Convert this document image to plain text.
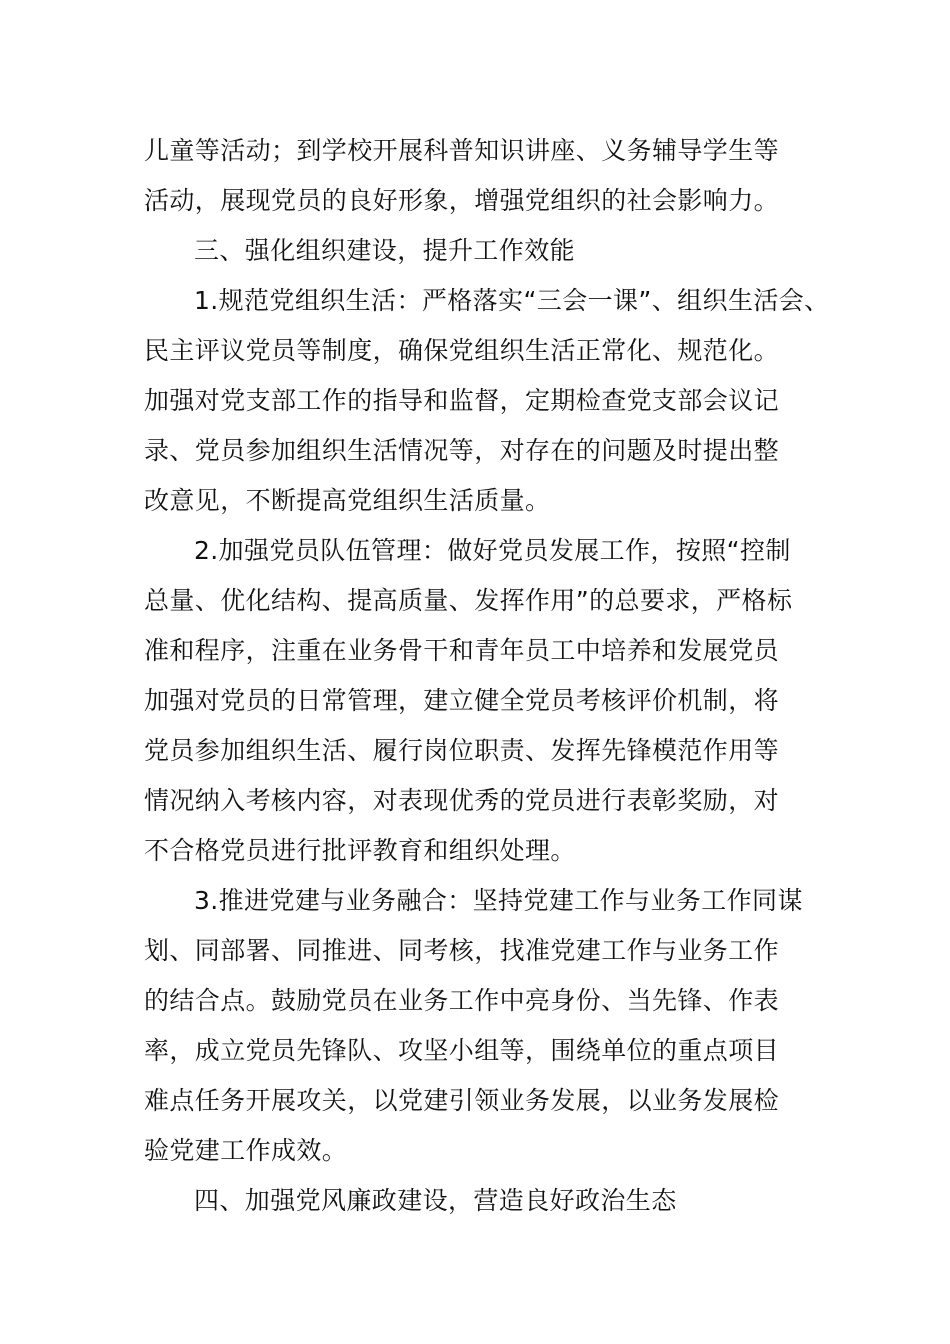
儿童等活动；到学校开展科普知识讲座、义务辅导学生等
活动，展现党员的良好形象，增强党组织的社会影响力。
三、强化组织建设，提升工作效能
1.规范党组织生活：严格落实“三会一课”、组织生活会、
民主评议党员等制度，确保党组织生活正常化、规范化。
加强对党支部工作的指导和监督，定期检查党支部会议记
录、党员参加组织生活情况等，对存在的问题及时提出整
改意见，不断提高党组织生活质量。
2.加强党员队伍管理：做好党员发展工作，按照“控制
总量、优化结构、提高质量、发挥作用”的总要求，严格标
准和程序，注重在业务骨干和青年员工中培养和发展党员
加强对党员的日常管理，建立健全党员考核评价机制，将
党员参加组织生活、履行岗位职责、发挥先锋模范作用等
情况纳入考核内容，对表现优秀的党员进行表彰奖励，对
不合格党员进行批评教育和组织处理。
3.推进党建与业务融合：坚持党建工作与业务工作同谋
划、同部署、同推进、同考核，找准党建工作与业务工作
的结合点。鼓励党员在业务工作中亮身份、当先锋、作表
率，成立党员先锋队、攻坚小组等，围绕单位的重点项目
难点任务开展攻关，以党建引领业务发展，以业务发展检
验党建工作成效。
四、加强党风廉政建设，营造良好政治生态
